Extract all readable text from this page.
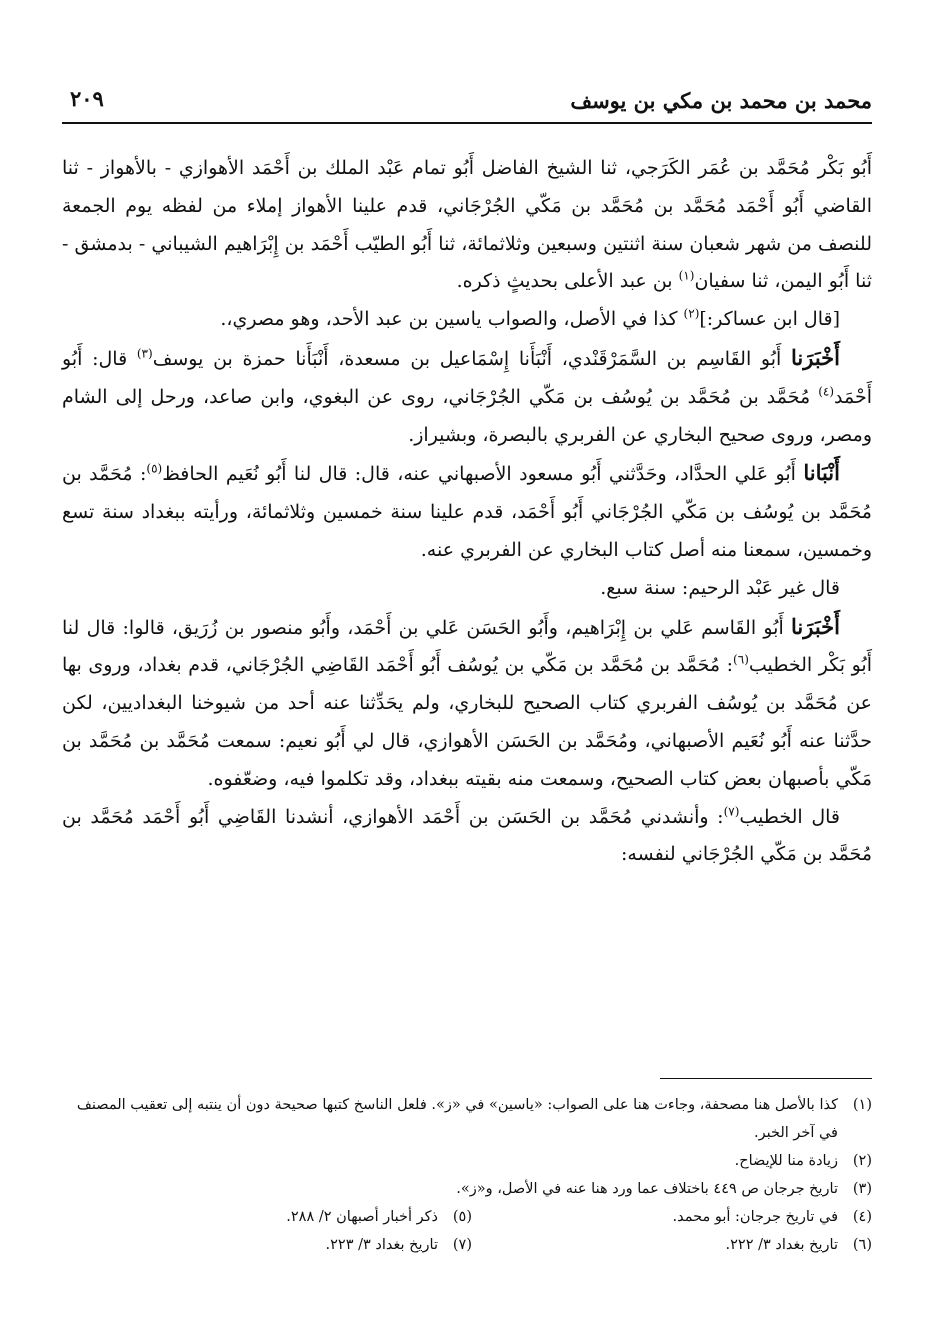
محمد بن محمد بن مكي بن يوسف
٢٠٩

أَبُو بَكْر مُحَمَّد بن عُمَر الكَرَجي، ثنا الشيخ الفاضل أَبُو تمام عَبْد الملك بن أَحْمَد الأهوازي - بالأهواز - ثنا القاضي أَبُو أَحْمَد مُحَمَّد بن مُحَمَّد بن مَكّي الجُرْجَاني، قدم علينا الأهواز إملاء من لفظه يوم الجمعة للنصف من شهر شعبان سنة اثنتين وسبعين وثلاثمائة، ثنا أَبُو الطيّب أَحْمَد بن إِبْرَاهيم الشيباني - بدمشق - ثنا أَبُو اليمن، ثنا سفيان$^{(١)}$ بن عبد الأعلى بحديثٍ ذكره.

[قال ابن عساكر:]$^{(٢)}$ كذا في الأصل، والصواب ياسين بن عبد الأحد، وهو مصري،.

أَخْبَرَنا أَبُو القَاسِم بن السَّمَرْقَنْدي، أَنْبَأَنا إِسْمَاعيل بن مسعدة، أَنْبَأَنا حمزة بن يوسف$^{(٣)}$ قال: أَبُو أَحْمَد$^{(٤)}$ مُحَمَّد بن مُحَمَّد بن يُوسُف بن مَكّي الجُرْجَاني، روى عن البغوي، وابن صاعد، ورحل إلى الشام ومصر، وروى صحيح البخاري عن الفربري بالبصرة، وبشيراز.

أَنْبَانا أَبُو عَلي الحدَّاد، وحَدَّثني أَبُو مسعود الأصبهاني عنه، قال: قال لنا أَبُو نُعَيم الحافظ$^{(٥)}$: مُحَمَّد بن مُحَمَّد بن يُوسُف بن مَكّي الجُرْجَاني أَبُو أَحْمَد، قدم علينا سنة خمسين وثلاثمائة، ورأيته ببغداد سنة تسع وخمسين، سمعنا منه أصل كتاب البخاري عن الفربري عنه.

قال غير عَبْد الرحيم: سنة سبع.

أَخْبَرَنا أَبُو القَاسم عَلي بن إِبْرَاهيم، وأَبُو الحَسَن عَلي بن أَحْمَد، وأَبُو منصور بن زُرَيق، قالوا: قال لنا أَبُو بَكْر الخطيب$^{(٦)}$: مُحَمَّد بن مُحَمَّد بن مَكّي بن يُوسُف أَبُو أَحْمَد القَاضِي الجُرْجَاني، قدم بغداد، وروى بها عن مُحَمَّد بن يُوسُف الفربري كتاب الصحيح للبخاري، ولم يحَدِّثنا عنه أحد من شيوخنا البغداديين، لكن حدَّثنا عنه أَبُو نُعَيم الأصبهاني، ومُحَمَّد بن الحَسَن الأهوازي، قال لي أَبُو نعيم: سمعت مُحَمَّد بن مُحَمَّد بن مَكّي بأصبهان بعض كتاب الصحيح، وسمعت منه بقيته ببغداد، وقد تكلموا فيه، وضعّفوه.

قال الخطيب$^{(٧)}$: وأنشدني مُحَمَّد بن الحَسَن بن أَحْمَد الأهوازي، أنشدنا القَاضِي أَبُو أَحْمَد مُحَمَّد بن مُحَمَّد بن مَكّي الجُرْجَاني لنفسه:

(١)
كذا بالأصل هنا مصحفة، وجاءت هنا على الصواب: «ياسين» في «ز». فلعل الناسخ كتبها صحيحة دون أن ينتبه إلى تعقيب المصنف في آخر الخبر.
(٢)
زيادة منا للإيضاح.
(٣)
تاريخ جرجان ص ٤٤٩ باختلاف عما ورد هنا عنه في الأصل، و«ز».
(٤)
في تاريخ جرجان: أبو محمد.
(٥)
ذكر أخبار أصبهان ٢/ ٢٨٨.
(٦)
تاريخ بغداد ٣/ ٢٢٢.
(٧)
تاريخ بغداد ٣/ ٢٢٣.
